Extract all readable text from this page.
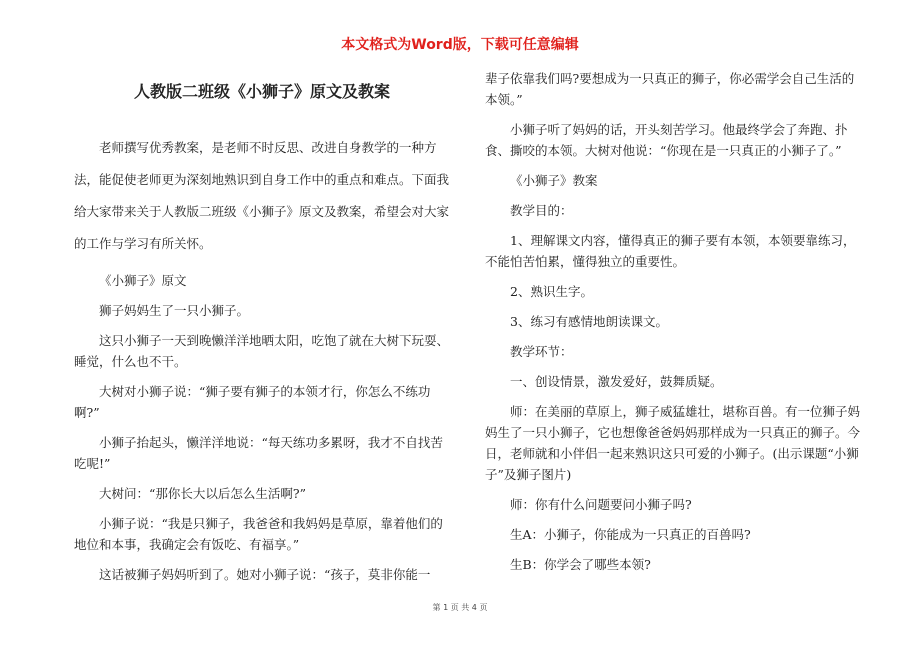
本文格式为Word版，下载可任意编辑
人教版二班级《小狮子》原文及教案

老师撰写优秀教案，是老师不时反思、改进自身教学的一种方法，能促使老师更为深刻地熟识到自身工作中的重点和难点。下面我给大家带来关于人教版二班级《小狮子》原文及教案，希望会对大家的工作与学习有所关怀。

《小狮子》原文

狮子妈妈生了一只小狮子。

这只小狮子一天到晚懒洋洋地晒太阳，吃饱了就在大树下玩耍、睡觉，什么也不干。

大树对小狮子说：“狮子要有狮子的本领才行，你怎么不练功啊?”

小狮子抬起头，懒洋洋地说：“每天练功多累呀，我才不自找苦吃呢!”

大树问：“那你长大以后怎么生活啊?”

小狮子说：“我是只狮子，我爸爸和我妈妈是草原，靠着他们的地位和本事，我确定会有饭吃、有福享。”

这话被狮子妈妈听到了。她对小狮子说：“孩子，莫非你能一

辈子依靠我们吗?要想成为一只真正的狮子，你必需学会自己生活的本领。”

小狮子听了妈妈的话，开头刻苦学习。他最终学会了奔跑、扑食、撕咬的本领。大树对他说：“你现在是一只真正的小狮子了。”

《小狮子》教案

教学目的：

1、理解课文内容，懂得真正的狮子要有本领，本领要靠练习，不能怕苦怕累，懂得独立的重要性。

2、熟识生字。

3、练习有感情地朗读课文。

教学环节：

一、创设情景，激发爱好，鼓舞质疑。

师：在美丽的草原上，狮子威猛雄壮，堪称百兽。有一位狮子妈妈生了一只小狮子，它也想像爸爸妈妈那样成为一只真正的狮子。今日，老师就和小伴侣一起来熟识这只可爱的小狮子。(出示课题“小狮子”及狮子图片)

师：你有什么问题要问小狮子吗?

生A：小狮子，你能成为一只真正的百兽吗?

生B：你学会了哪些本领?

第 1 页 共 4 页
